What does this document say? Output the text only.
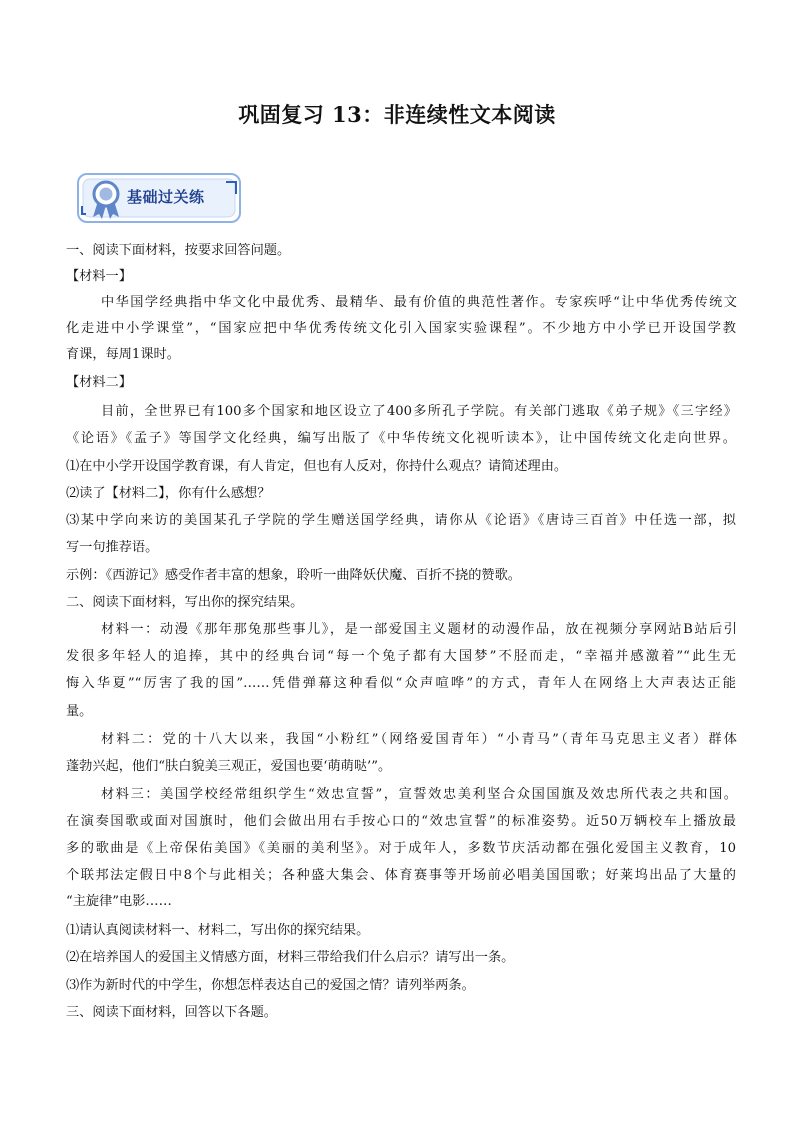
巩固复习 13：非连续性文本阅读
基础过关练
一、阅读下面材料，按要求回答问题。
【材料一】
中华国学经典指中华文化中最优秀、最精华、最有价值的典范性著作。专家疾呼“让中华优秀传统文
化走进中小学课堂”，“国家应把中华优秀传统文化引入国家实验课程”。不少地方中小学已开设国学教
育课，每周1课时。
【材料二】
目前，全世界已有100多个国家和地区设立了400多所孔子学院。有关部门逃取《弟子规》《三字经》
《论语》《孟子》等国学文化经典，编写出版了《中华传统文化视听读本》，让中国传统文化走向世界。
⑴在中小学开设国学教育课，有人肯定，但也有人反对，你持什么观点？请简述理由。
⑵读了【材料二】，你有什么感想？
⑶某中学向来访的美国某孔子学院的学生赠送国学经典，请你从《论语》《唐诗三百首》中任选一部，拟
写一句推荐语。
示例：《西游记》感受作者丰富的想象，聆听一曲降妖伏魔、百折不挠的赞歌。
二、阅读下面材料，写出你的探究结果。
材料一：动漫《那年那兔那些事儿》，是一部爱国主义题材的动漫作品，放在视频分享网站B站后引
发很多年轻人的追捧，其中的经典台词“每一个兔子都有大国梦”不胫而走，“幸福并感激着”“此生无
悔入华夏”“厉害了我的国”……凭借弹幕这种看似“众声喧哗”的方式，青年人在网络上大声表达正能
量。
材料二：党的十八大以来，我国“小粉红”（网络爱国青年）“小青马”（青年马克思主义者）群体
蓬勃兴起，他们“肤白貌美三观正，爱国也要‘萌萌哒’”。
材料三：美国学校经常组织学生“效忠宣誓”，宣誓效忠美利坚合众国国旗及效忠所代表之共和国。
在演奏国歌或面对国旗时，他们会做出用右手按心口的“效忠宣誓”的标准姿势。近50万辆校车上播放最
多的歌曲是《上帝保佑美国》《美丽的美利坚》。对于成年人，多数节庆活动都在强化爱国主义教育，10
个联邦法定假日中8个与此相关；各种盛大集会、体育赛事等开场前必唱美国国歌；好莱坞出品了大量的
“主旋律”电影……
⑴请认真阅读材料一、材料二，写出你的探究结果。
⑵在培养国人的爱国主义情感方面，材料三带给我们什么启示？请写出一条。
⑶作为新时代的中学生，你想怎样表达自己的爱国之情？请列举两条。
三、阅读下面材料，回答以下各题。
